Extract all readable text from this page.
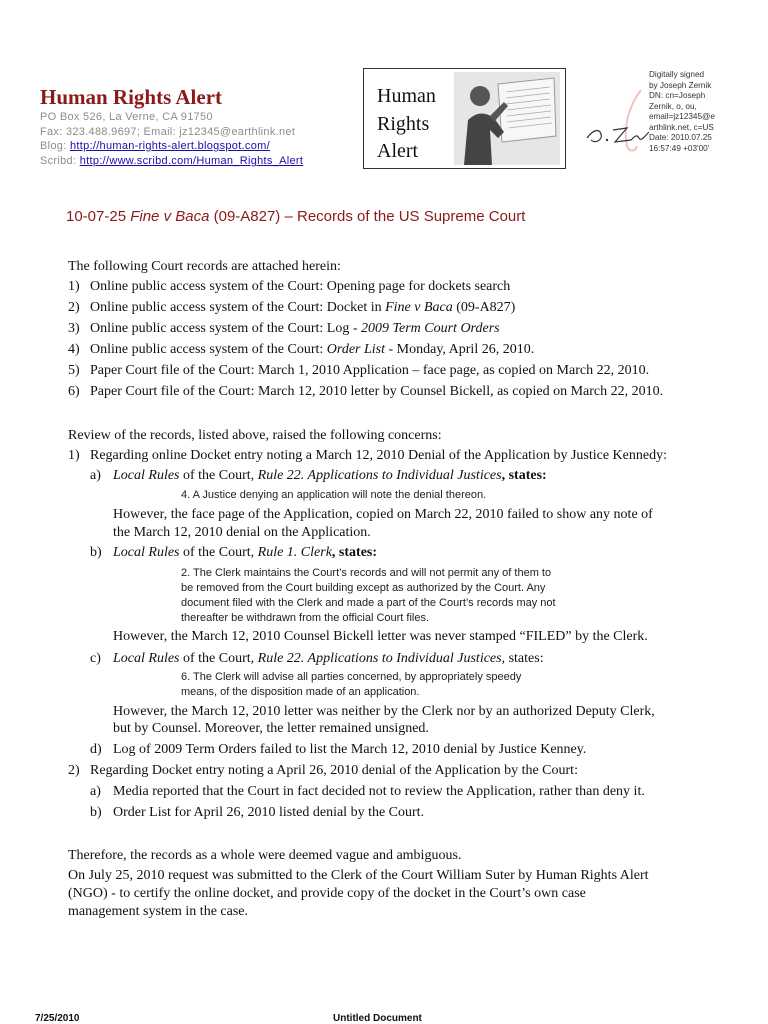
Human Rights Alert
PO Box 526, La Verne, CA 91750
Fax: 323.488.9697; Email: jz12345@earthlink.net
Blog: http://human-rights-alert.blogspot.com/
Scribd: http://www.scribd.com/Human_Rights_Alert
Human
Rights
Alert
Digitally signed
by Joseph Zernik
DN: cn=Joseph
Zernik, o, ou,
email=jz12345@e
arthlink.net, c=US
Date: 2010.07.25
16:57:49 +03'00'
10-07-25 Fine v Baca (09-A827) – Records of the US Supreme Court
The following Court records are attached herein:
1) Online public access system of the Court: Opening page for dockets search
2) Online public access system of the Court: Docket in Fine v Baca (09-A827)
3) Online public access system of the Court: Log - 2009 Term Court Orders
4) Online public access system of the Court: Order List - Monday, April 26, 2010.
5) Paper Court file of the Court: March 1, 2010 Application – face page, as copied on March 22, 2010.
6) Paper Court file of the Court: March 12, 2010 letter by Counsel Bickell, as copied on March 22, 2010.
Review of the records, listed above, raised the following concerns:
1) Regarding online Docket entry noting a March 12, 2010 Denial of the Application by Justice Kennedy:
a) Local Rules of the Court, Rule 22. Applications to Individual Justices, states:
4. A Justice denying an application will note the denial thereon.
However, the face page of the Application, copied on March 22, 2010 failed to show any note of
the March 12, 2010 denial on the Application.
b) Local Rules of the Court, Rule 1. Clerk, states:
2. The Clerk maintains the Court’s records and will not permit any of them to
be removed from the Court building except as authorized by the Court. Any
document filed with the Clerk and made a part of the Court’s records may not
thereafter be withdrawn from the official Court files.
However, the March 12, 2010 Counsel Bickell letter was never stamped “FILED” by the Clerk.
c) Local Rules of the Court, Rule 22. Applications to Individual Justices, states:
6. The Clerk will advise all parties concerned, by appropriately speedy
means, of the disposition made of an application.
However, the March 12, 2010 letter was neither by the Clerk nor by an authorized Deputy Clerk,
but by Counsel. Moreover, the letter remained unsigned.
d) Log of 2009 Term Orders failed to list the March 12, 2010 denial by Justice Kenney.
2) Regarding Docket entry noting a April 26, 2010 denial of the Application by the Court:
a) Media reported that the Court in fact decided not to review the Application, rather than deny it.
b) Order List for April 26, 2010 listed denial by the Court.
Therefore, the records as a whole were deemed vague and ambiguous.
On July 25, 2010 request was submitted to the Clerk of the Court William Suter by Human Rights Alert
(NGO) - to certify the online docket, and provide copy of the docket in the Court’s own case
management system in the case.
7/25/2010	Untitled Document
